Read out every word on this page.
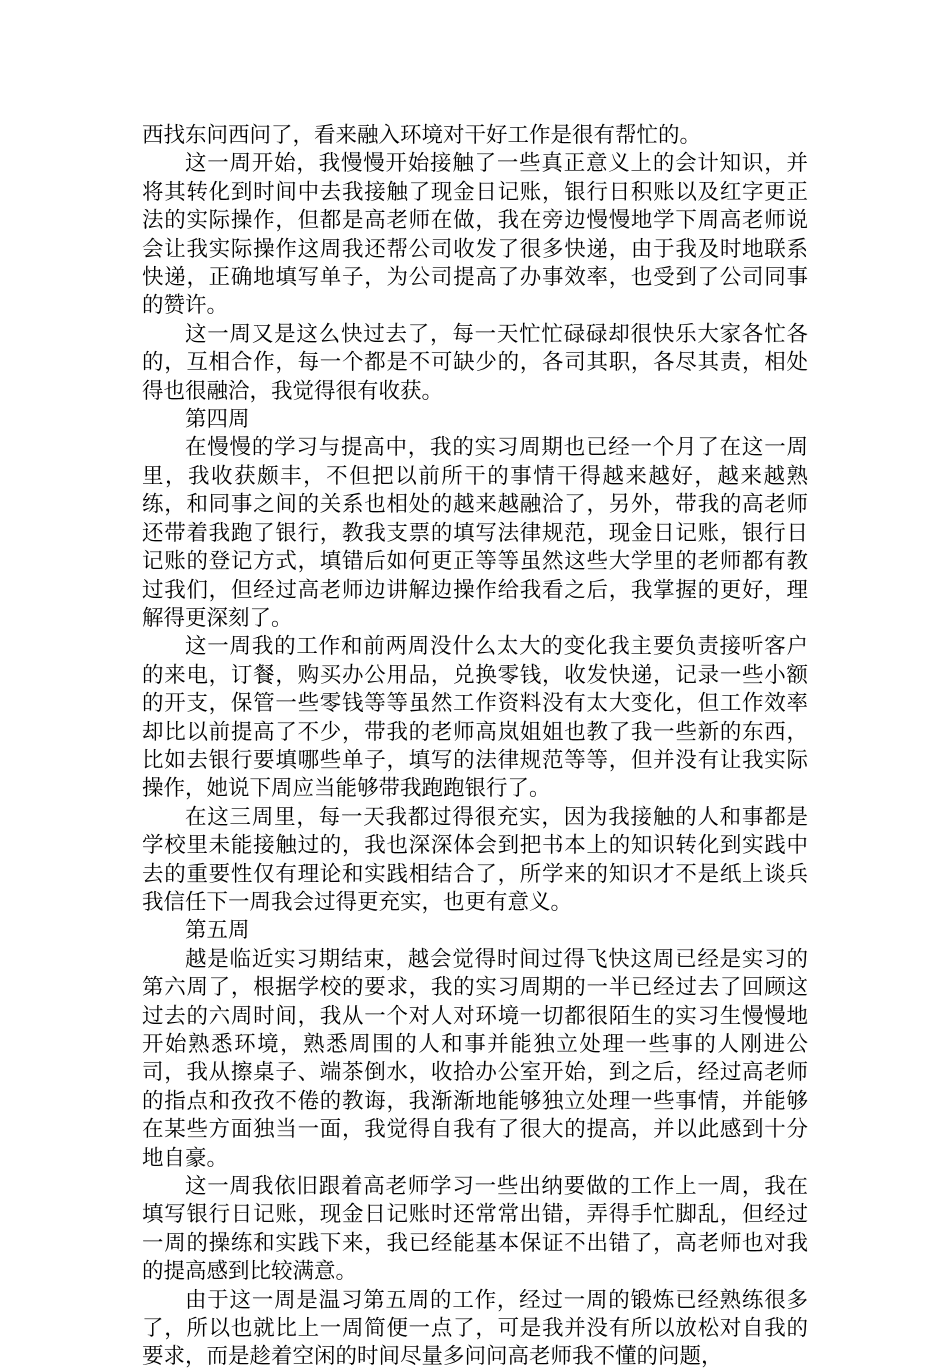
西找东问西问了，看来融入环境对干好工作是很有帮忙的。

这一周开始，我慢慢开始接触了一些真正意义上的会计知识，并将其转化到时间中去我接触了现金日记账，银行日积账以及红字更正法的实际操作，但都是高老师在做，我在旁边慢慢地学下周高老师说会让我实际操作这周我还帮公司收发了很多快递，由于我及时地联系快递，正确地填写单子，为公司提高了办事效率，也受到了公司同事的赞许。

这一周又是这么快过去了，每一天忙忙碌碌却很快乐大家各忙各的，互相合作，每一个都是不可缺少的，各司其职，各尽其责，相处得也很融洽，我觉得很有收获。

第四周

在慢慢的学习与提高中，我的实习周期也已经一个月了在这一周里，我收获颇丰，不但把以前所干的事情干得越来越好，越来越熟练，和同事之间的关系也相处的越来越融洽了，另外，带我的高老师还带着我跑了银行，教我支票的填写法律规范，现金日记账，银行日记账的登记方式，填错后如何更正等等虽然这些大学里的老师都有教过我们，但经过高老师边讲解边操作给我看之后，我掌握的更好，理解得更深刻了。

这一周我的工作和前两周没什么太大的变化我主要负责接听客户的来电，订餐，购买办公用品，兑换零钱，收发快递，记录一些小额的开支，保管一些零钱等等虽然工作资料没有太大变化，但工作效率却比以前提高了不少，带我的老师高岚姐姐也教了我一些新的东西，比如去银行要填哪些单子，填写的法律规范等等，但并没有让我实际操作，她说下周应当能够带我跑跑银行了。

在这三周里，每一天我都过得很充实，因为我接触的人和事都是学校里未能接触过的，我也深深体会到把书本上的知识转化到实践中去的重要性仅有理论和实践相结合了，所学来的知识才不是纸上谈兵我信任下一周我会过得更充实，也更有意义。

第五周

越是临近实习期结束，越会觉得时间过得飞快这周已经是实习的第六周了，根据学校的要求，我的实习周期的一半已经过去了回顾这过去的六周时间，我从一个对人对环境一切都很陌生的实习生慢慢地开始熟悉环境，熟悉周围的人和事并能独立处理一些事的人刚进公司，我从擦桌子、端茶倒水，收拾办公室开始，到之后，经过高老师的指点和孜孜不倦的教诲，我渐渐地能够独立处理一些事情，并能够在某些方面独当一面，我觉得自我有了很大的提高，并以此感到十分地自豪。

这一周我依旧跟着高老师学习一些出纳要做的工作上一周，我在填写银行日记账，现金日记账时还常常出错，弄得手忙脚乱，但经过一周的操练和实践下来，我已经能基本保证不出错了，高老师也对我的提高感到比较满意。

由于这一周是温习第五周的工作，经过一周的锻炼已经熟练很多了，所以也就比上一周简便一点了，可是我并没有所以放松对自我的要求，而是趁着空闲的时间尽量多问问高老师我不懂的问题，
